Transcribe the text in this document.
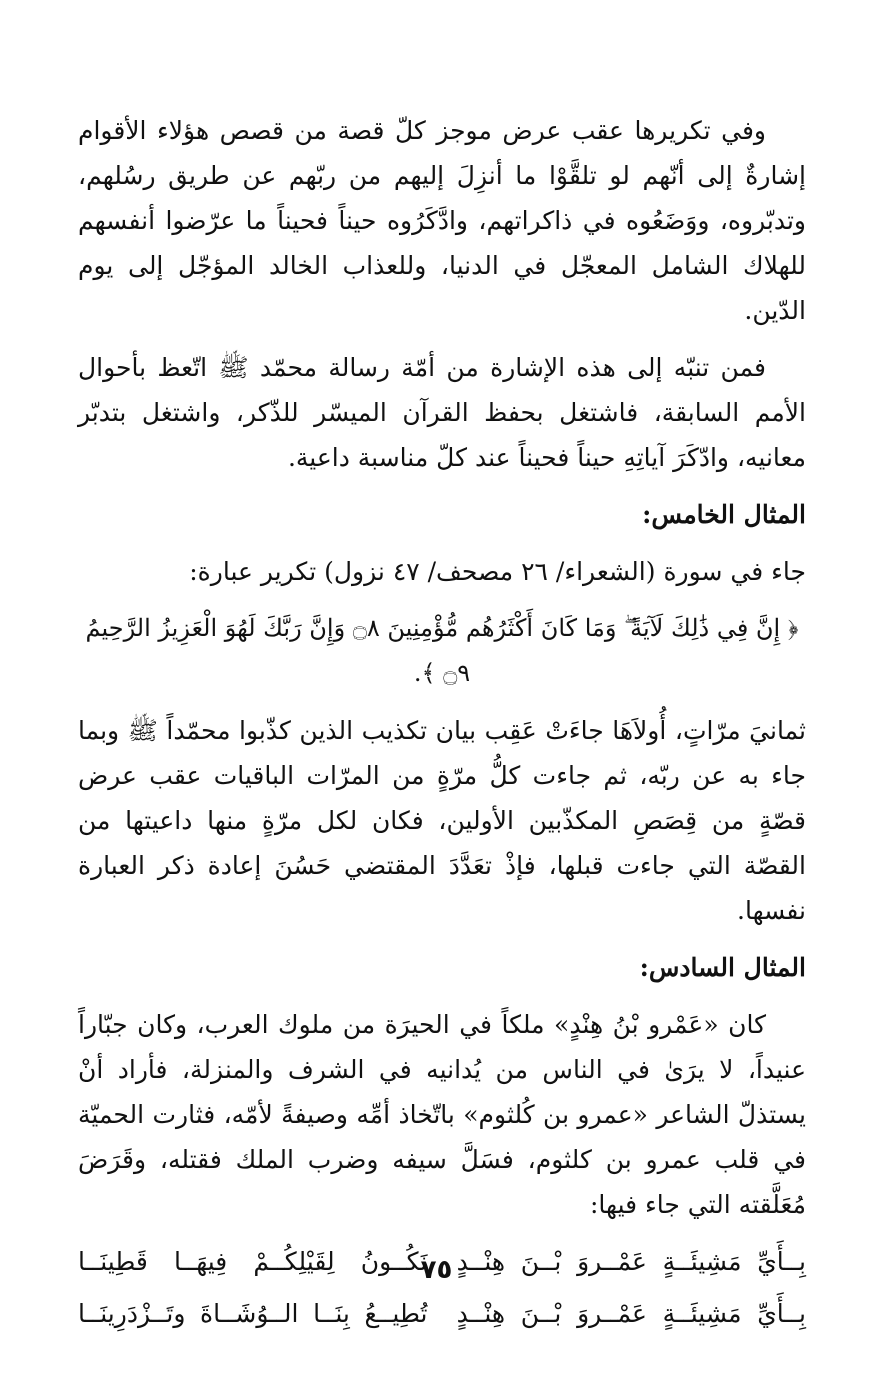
وفي تكريرها عقب عرض موجز كلّ قصة من قصص هؤلاء الأقوام إشارةٌ إلى أنّهم لو تلقَّوْا ما أنزِلَ إليهم من ربّهم عن طريق رسُلهم، وتدبّروه، ووَضَعُوه في ذاكراتهم، وادَّكَرُوه حيناً فحيناً ما عرّضوا أنفسهم للهلاك الشامل المعجّل في الدنيا، وللعذاب الخالد المؤجّل إلى يوم الدّين.

فمن تنبّه إلى هذه الإشارة من أمّة رسالة محمّد ﷺ اتّعظ بأحوال الأمم السابقة، فاشتغل بحفظ القرآن الميسّر للذّكر، واشتغل بتدبّر معانيه، وادّكَرَ آياتِهِ حيناً فحيناً عند كلّ مناسبة داعية.

المثال الخامس:

جاء في سورة (الشعراء/ ٢٦ مصحف/ ٤٧ نزول) تكرير عبارة:

﴿ إِنَّ فِي ذَٰلِكَ لَآيَةً ۖ وَمَا كَانَ أَكْثَرُهُم مُّؤْمِنِينَ ۝٨ وَإِنَّ رَبَّكَ لَهُوَ الْعَزِيزُ الرَّحِيمُ ۝٩ ﴾.

ثمانيَ مرّاتٍ، أُولاَهَا جاءَتْ عَقِب بيان تكذيب الذين كذّبوا محمّداً ﷺ وبما جاء به عن ربّه، ثم جاءت كلُّ مرّةٍ من المرّات الباقيات عقب عرض قصّةٍ من قِصَصِ المكذّبين الأولين، فكان لكل مرّةٍ منها داعيتها من القصّة التي جاءت قبلها، فإذْ تعَدَّدَ المقتضي حَسُنَ إعادة ذكر العبارة نفسها.

المثال السادس:

كان «عَمْرو بْنُ هِنْدٍ» ملكاً في الحيرَة من ملوك العرب، وكان جبّاراً عنيداً، لا يرَىٰ في الناس من يُدانيه في الشرف والمنزلة، فأراد أنْ يستذلّ الشاعر «عمرو بن كُلثوم» باتّخاذ أمِّه وصيفةً لأمّه، فثارت الحميّة في قلب عمرو بن كلثوم، فسَلَّ سيفه وضرب الملك فقتله، وقَرَضَ مُعَلَّقته التي جاء فيها:

بِــأَيِّ مَشِيئَــةٍ عَمْــروَ بْــنَ هِنْــدٍ
نَكُــونُ لِقَيْلِكُــمْ فِيهَــا قَطِينَــا
بِــأَيِّ مَشِيئَــةٍ عَمْــروَ بْــنَ هِنْــدٍ
تُطِيــعُ بِنَــا الــوُشَــاةَ وتَــزْدَرِينَــا
٧٥
